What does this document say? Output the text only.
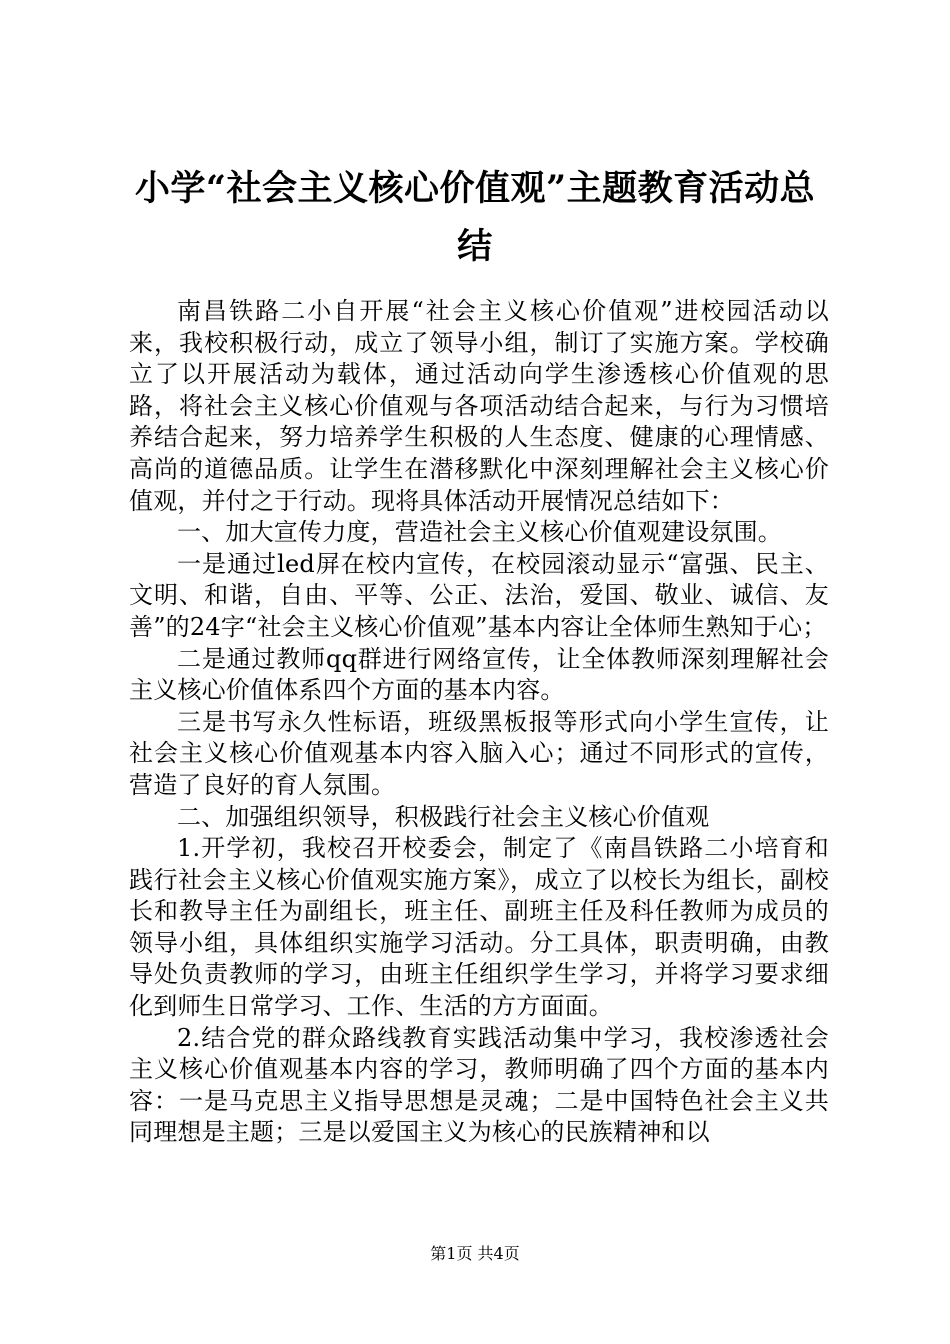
小学“社会主义核心价值观”主题教育活动总结

南昌铁路二小自开展“社会主义核心价值观”进校园活动以来，我校积极行动，成立了领导小组，制订了实施方案。学校确立了以开展活动为载体，通过活动向学生渗透核心价值观的思路，将社会主义核心价值观与各项活动结合起来，与行为习惯培养结合起来，努力培养学生积极的人生态度、健康的心理情感、高尚的道德品质。让学生在潜移默化中深刻理解社会主义核心价值观，并付之于行动。现将具体活动开展情况总结如下：

一、加大宣传力度，营造社会主义核心价值观建设氛围。

一是通过led屏在校内宣传，在校园滚动显示“富强、民主、文明、和谐，自由、平等、公正、法治，爱国、敬业、诚信、友善”的24字“社会主义核心价值观”基本内容让全体师生熟知于心；

二是通过教师qq群进行网络宣传，让全体教师深刻理解社会主义核心价值体系四个方面的基本内容。

三是书写永久性标语，班级黑板报等形式向小学生宣传，让社会主义核心价值观基本内容入脑入心；通过不同形式的宣传，营造了良好的育人氛围。

二、加强组织领导，积极践行社会主义核心价值观

1.开学初，我校召开校委会，制定了《南昌铁路二小培育和践行社会主义核心价值观实施方案》，成立了以校长为组长，副校长和教导主任为副组长，班主任、副班主任及科任教师为成员的领导小组，具体组织实施学习活动。分工具体，职责明确，由教导处负责教师的学习，由班主任组织学生学习，并将学习要求细化到师生日常学习、工作、生活的方方面面。

2.结合党的群众路线教育实践活动集中学习，我校渗透社会主义核心价值观基本内容的学习，教师明确了四个方面的基本内容：一是马克思主义指导思想是灵魂；二是中国特色社会主义共同理想是主题；三是以爱国主义为核心的民族精神和以

第1页 共4页
